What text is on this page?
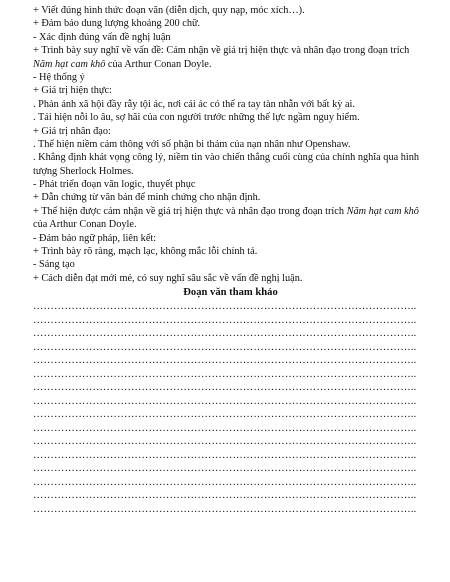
+ Viết đúng hình thức đoạn văn (diễn dịch, quy nạp, móc xích…).
+ Đảm bảo dung lượng khoảng 200 chữ.
- Xác định đúng vấn đề nghị luận
+ Trình bày suy nghĩ về vấn đề: Cảm nhận về giá trị hiện thực và nhân đạo trong đoạn trích
Năm hạt cam khô của Arthur Conan Doyle.
- Hệ thống ý
+ Giá trị hiện thực:
. Phản ánh xã hội đầy rẫy tội ác, nơi cái ác có thể ra tay tàn nhẫn với bất kỳ ai.
. Tái hiện nỗi lo âu, sợ hãi của con người trước những thế lực ngầm nguy hiểm.
+ Giá trị nhân đạo:
. Thể hiện niềm cảm thông với số phận bi thảm của nạn nhân như Openshaw.
. Khẳng định khát vọng công lý, niềm tin vào chiến thắng cuối cùng của chính nghĩa qua hình
tượng Sherlock Holmes.
- Phát triển đoạn văn logic, thuyết phục
+ Dẫn chứng từ văn bản để minh chứng cho nhận định.
+ Thể hiện được cảm nhận về giá trị hiện thực và nhân đạo trong đoạn trích Năm hạt cam khô
của Arthur Conan Doyle.
- Đảm bảo ngữ pháp, liên kết:
+ Trình bày rõ ràng, mạch lạc, không mắc lỗi chính tả.
- Sáng tạo
+ Cách diễn đạt mới mẻ, có suy nghĩ sâu sắc về vấn đề nghị luận.
Đoạn văn tham khảo
………………………………………………………………………………………………..
………………………………………………………………………………………………..
………………………………………………………………………………………………..
………………………………………………………………………………………………..
………………………………………………………………………………………………..
………………………………………………………………………………………………..
………………………………………………………………………………………………..
………………………………………………………………………………………………..
………………………………………………………………………………………………..
………………………………………………………………………………………………..
………………………………………………………………………………………………..
………………………………………………………………………………………………..
………………………………………………………………………………………………..
………………………………………………………………………………………………..
………………………………………………………………………………………………..
………………………………………………………………………………………………..
